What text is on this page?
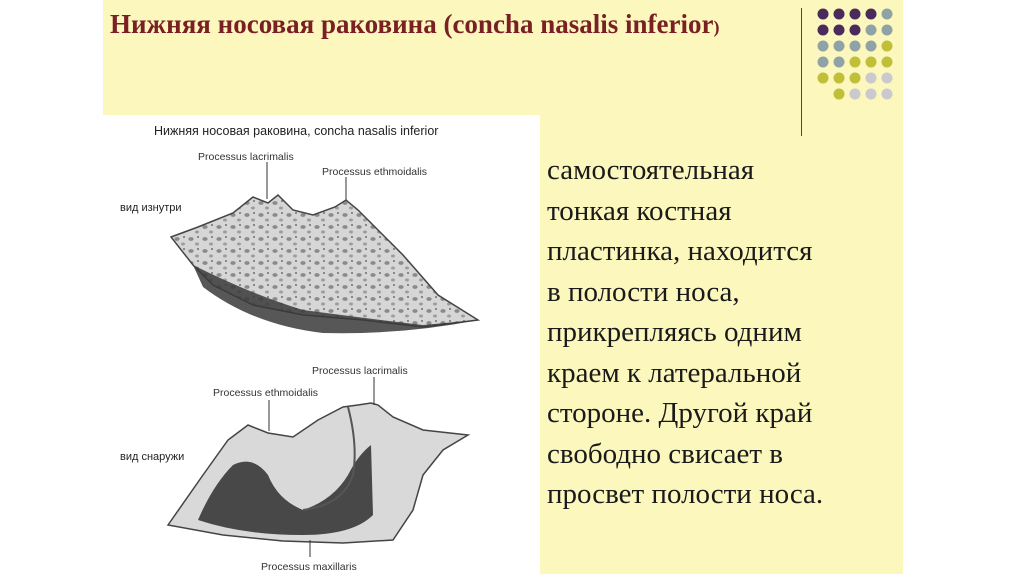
Нижняя носовая раковина (concha nasalis inferior)
Нижняя носовая раковина, concha nasalis inferior
Processus lacrimalis
Processus ethmoidalis
вид изнутри
Processus lacrimalis
Processus ethmoidalis
вид снаружи
Processus maxillaris
самостоятельная
тонкая костная
пластинка, находится
в полости носа,
прикрепляясь одним
краем к латеральной
стороне. Другой край
свободно свисает в
просвет полости носа.
